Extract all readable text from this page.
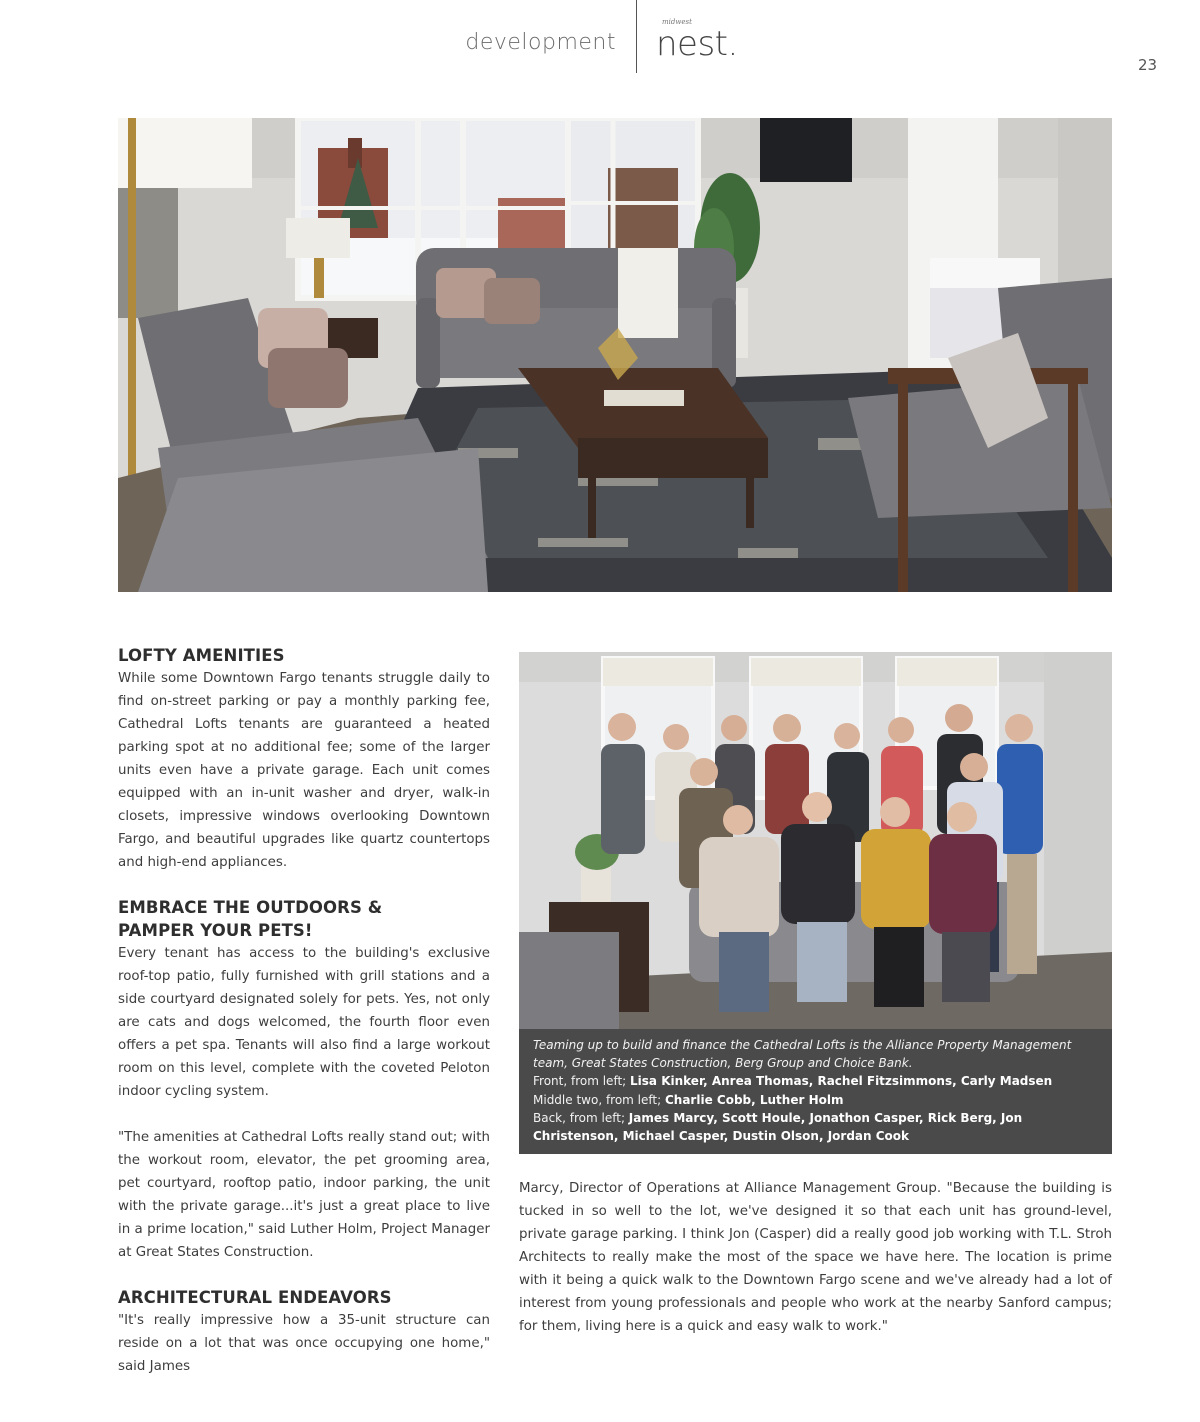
development
midwest
nest.
23
Teaming up to build and finance the Cathedral Lofts is the Alliance Property Management team, Great States Construction, Berg Group and Choice Bank.
Front, from left; Lisa Kinker, Anrea Thomas, Rachel Fitzsimmons, Carly Madsen
Middle two, from left; Charlie Cobb, Luther Holm
Back, from left; James Marcy, Scott Houle, Jonathon Casper, Rick Berg, Jon Christenson, Michael Casper, Dustin Olson, Jordan Cook
LOFTY AMENITIES

While some Downtown Fargo tenants struggle daily to find on-street parking or pay a monthly parking fee, Cathedral Lofts tenants are guaranteed a heated parking spot at no additional fee; some of the larger units even have a private garage. Each unit comes equipped with an in-unit washer and dryer, walk-in closets, impressive windows overlooking Downtown Fargo, and beautiful upgrades like quartz countertops and high-end appliances.

EMBRACE THE OUTDOORS &
PAMPER YOUR PETS!

Every tenant has access to the building's exclusive roof-top patio, fully furnished with grill stations and a side courtyard designated solely for pets. Yes, not only are cats and dogs welcomed, the fourth floor even offers a pet spa. Tenants will also find a large workout room on this level, complete with the coveted Peloton indoor cycling system.

"The amenities at Cathedral Lofts really stand out; with the workout room, elevator, the pet grooming area, pet courtyard, rooftop patio, indoor parking, the unit with the private garage...it's just a great place to live in a prime location," said Luther Holm, Project Manager at Great States Construction.

ARCHITECTURAL ENDEAVORS

"It's really impressive how a 35-unit structure can reside on a lot that was once occupying one home," said James

Marcy, Director of Operations at Alliance Management Group. "Because the building is tucked in so well to the lot, we've designed it so that each unit has ground-level, private garage parking. I think Jon (Casper) did a really good job working with T.L. Stroh Architects to really make the most of the space we have here. The location is prime with it being a quick walk to the Downtown Fargo scene and we've already had a lot of interest from young professionals and people who work at the nearby Sanford campus; for them, living here is a quick and easy walk to work."
